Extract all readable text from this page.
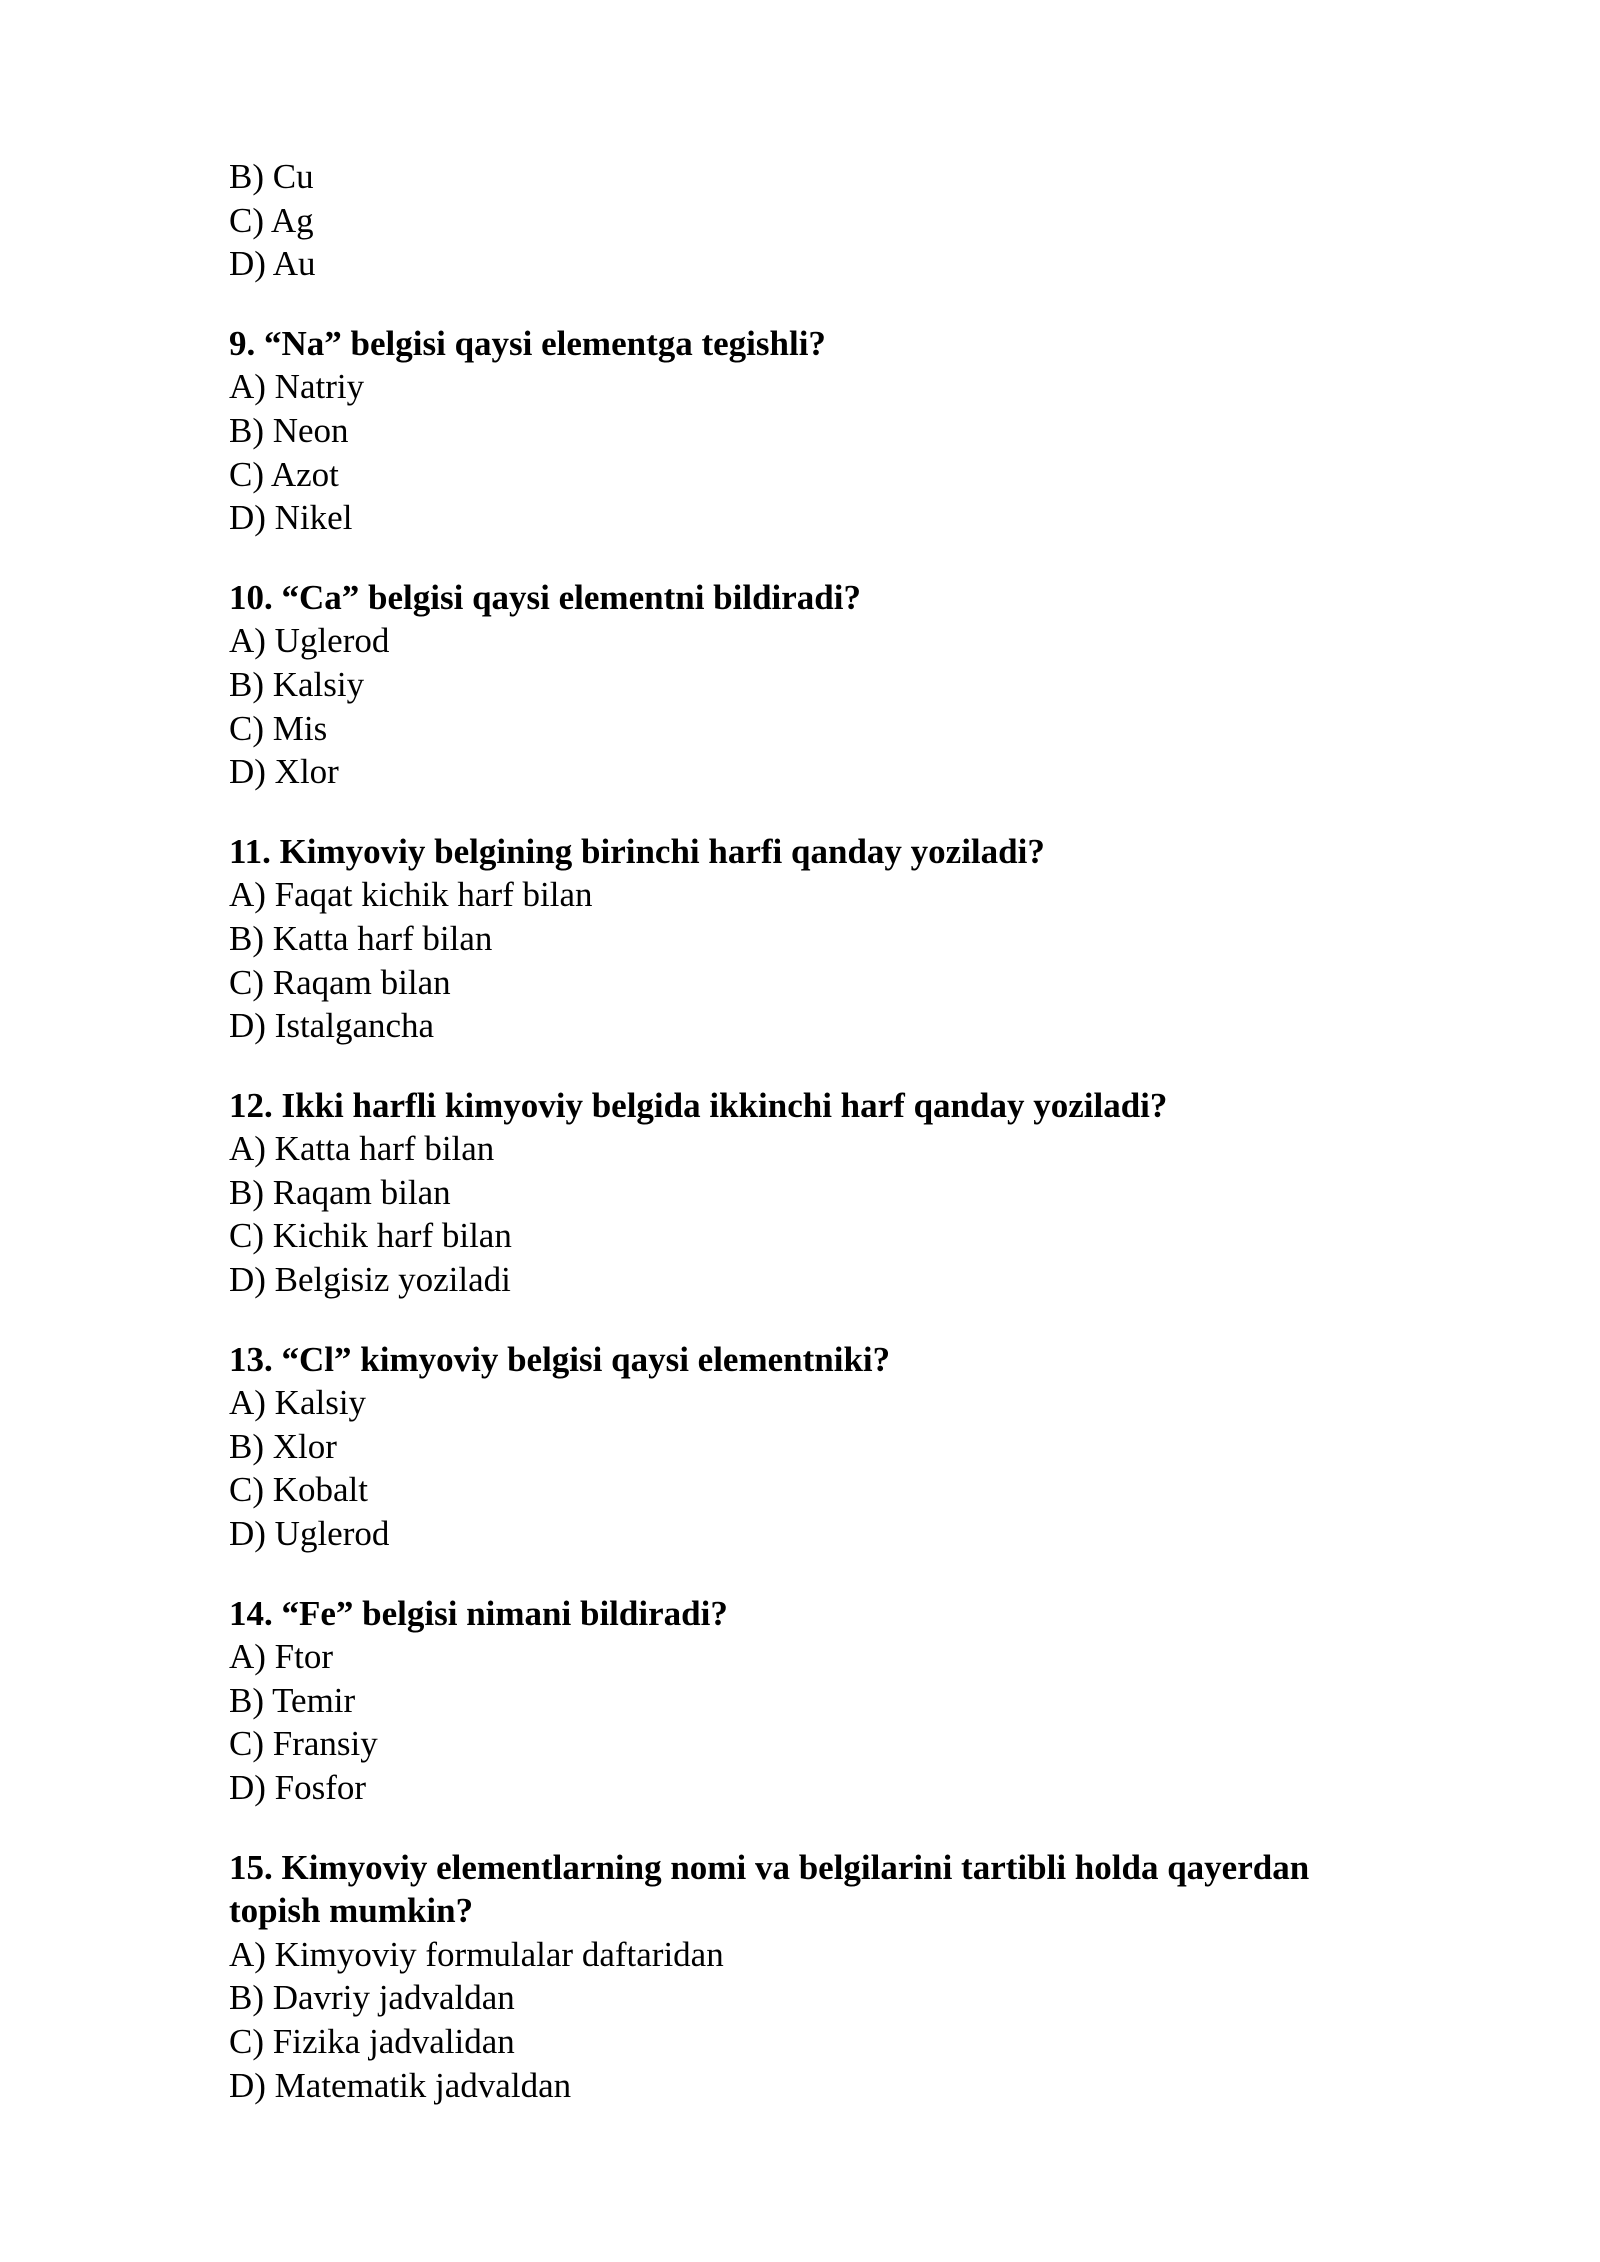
B) Cu
C) Ag
D) Au
9. “Na” belgisi qaysi elementga tegishli?
A) Natriy
B) Neon
C) Azot
D) Nikel
10. “Ca” belgisi qaysi elementni bildiradi?
A) Uglerod
B) Kalsiy
C) Mis
D) Xlor
11. Kimyoviy belgining birinchi harfi qanday yoziladi?
A) Faqat kichik harf bilan
B) Katta harf bilan
C) Raqam bilan
D) Istalgancha
12. Ikki harfli kimyoviy belgida ikkinchi harf qanday yoziladi?
A) Katta harf bilan
B) Raqam bilan
C) Kichik harf bilan
D) Belgisiz yoziladi
13. “Cl” kimyoviy belgisi qaysi elementniki?
A) Kalsiy
B) Xlor
C) Kobalt
D) Uglerod
14. “Fe” belgisi nimani bildiradi?
A) Ftor
B) Temir
C) Fransiy
D) Fosfor
15. Kimyoviy elementlarning nomi va belgilarini tartibli holda qayerdan
topish mumkin?
A) Kimyoviy formulalar daftaridan
B) Davriy jadvaldan
C) Fizika jadvalidan
D) Matematik jadvaldan
